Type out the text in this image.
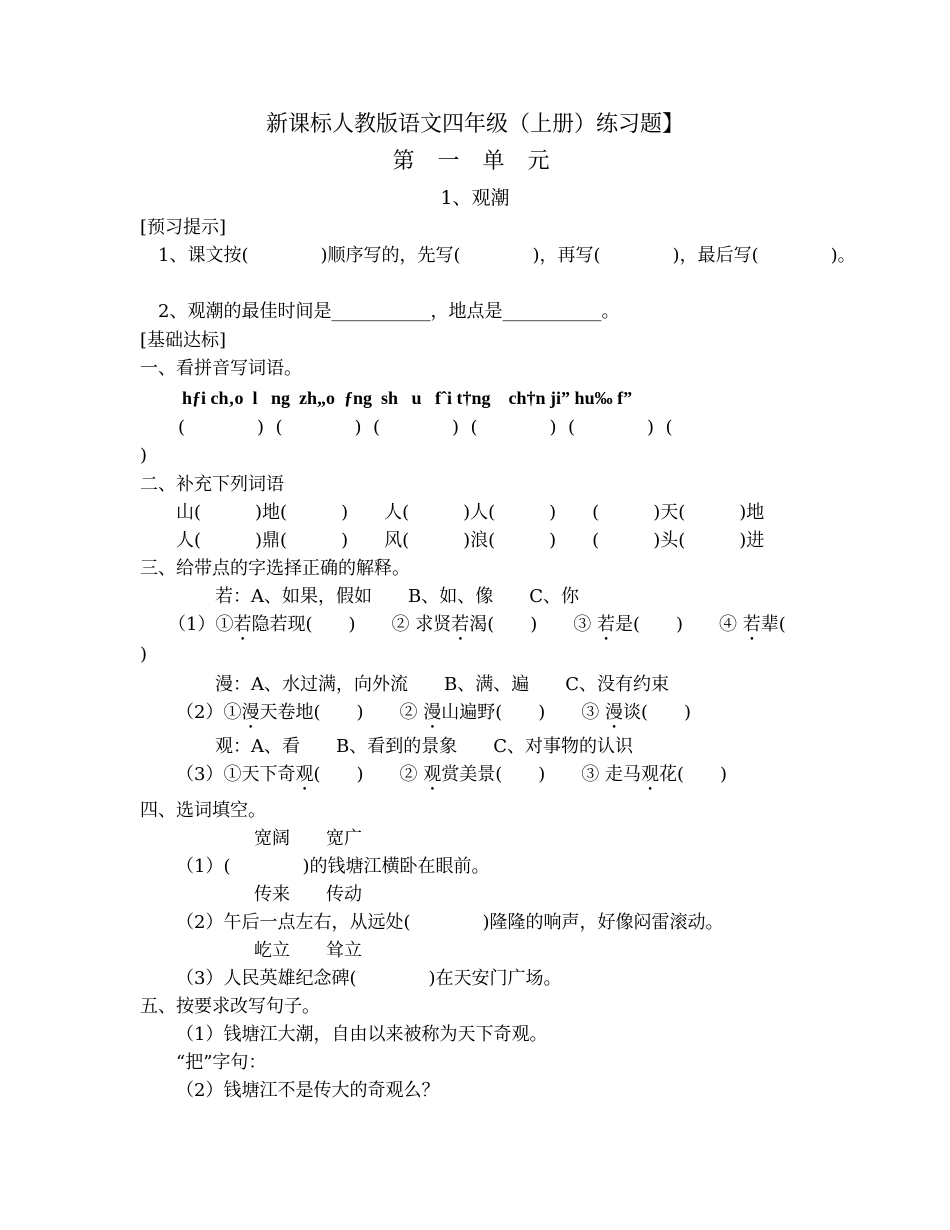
新课标人教版语文四年级（上册）练习题】
第 一 单 元
1、观潮
[预习提示]
1、课文按(　　　　)顺序写的，先写(　　　　)，再写(　　　　)，最后写(　　　　)。
2、观潮的最佳时间是___________，地点是___________。
[基础达标]
一、看拼音写词语。
hƒi ch‚o  l   ng  zh„o  ƒng  sh   u   fˆi t†ng    ch†n ji” hu‰ f”
(　　　　)  (　　　　)  (　　　　)  (　　　　)  (　　　　)  (
)
二、补充下列词语
山(　　　)地(　　　)　　人(　　　)人(　　　)　　(　　　)天(　　　)地
人(　　　)鼎(　　　)　　风(　　　)浪(　　　)　　(　　　)头(　　　)进
三、给带点的字选择正确的解释。
若：A、如果，假如　　B、如、像　　C、你
（1）①若隐若现(　　)　　② 求贤若渴(　　)　　③ 若是(　　)　　④ 若辈(
)
漫：A、水过满，向外流　　B、满、遍　　C、没有约束
（2）①漫天卷地(　　)　　② 漫山遍野(　　)　　③ 漫谈(　　)
观：A、看　　B、看到的景象　　C、对事物的认识
（3）①天下奇观(　　)　　② 观赏美景(　　)　　③ 走马观花(　　)
四、选词填空。
宽阔　　宽广
（1）(　　　　)的钱塘江横卧在眼前。
传来　　传动
（2）午后一点左右，从远处(　　　　)隆隆的响声，好像闷雷滚动。
屹立　　耸立
（3）人民英雄纪念碑(　　　　)在天安门广场。
五、按要求改写句子。
（1）钱塘江大潮，自由以来被称为天下奇观。
“把”字句：
（2）钱塘江不是传大的奇观么？
